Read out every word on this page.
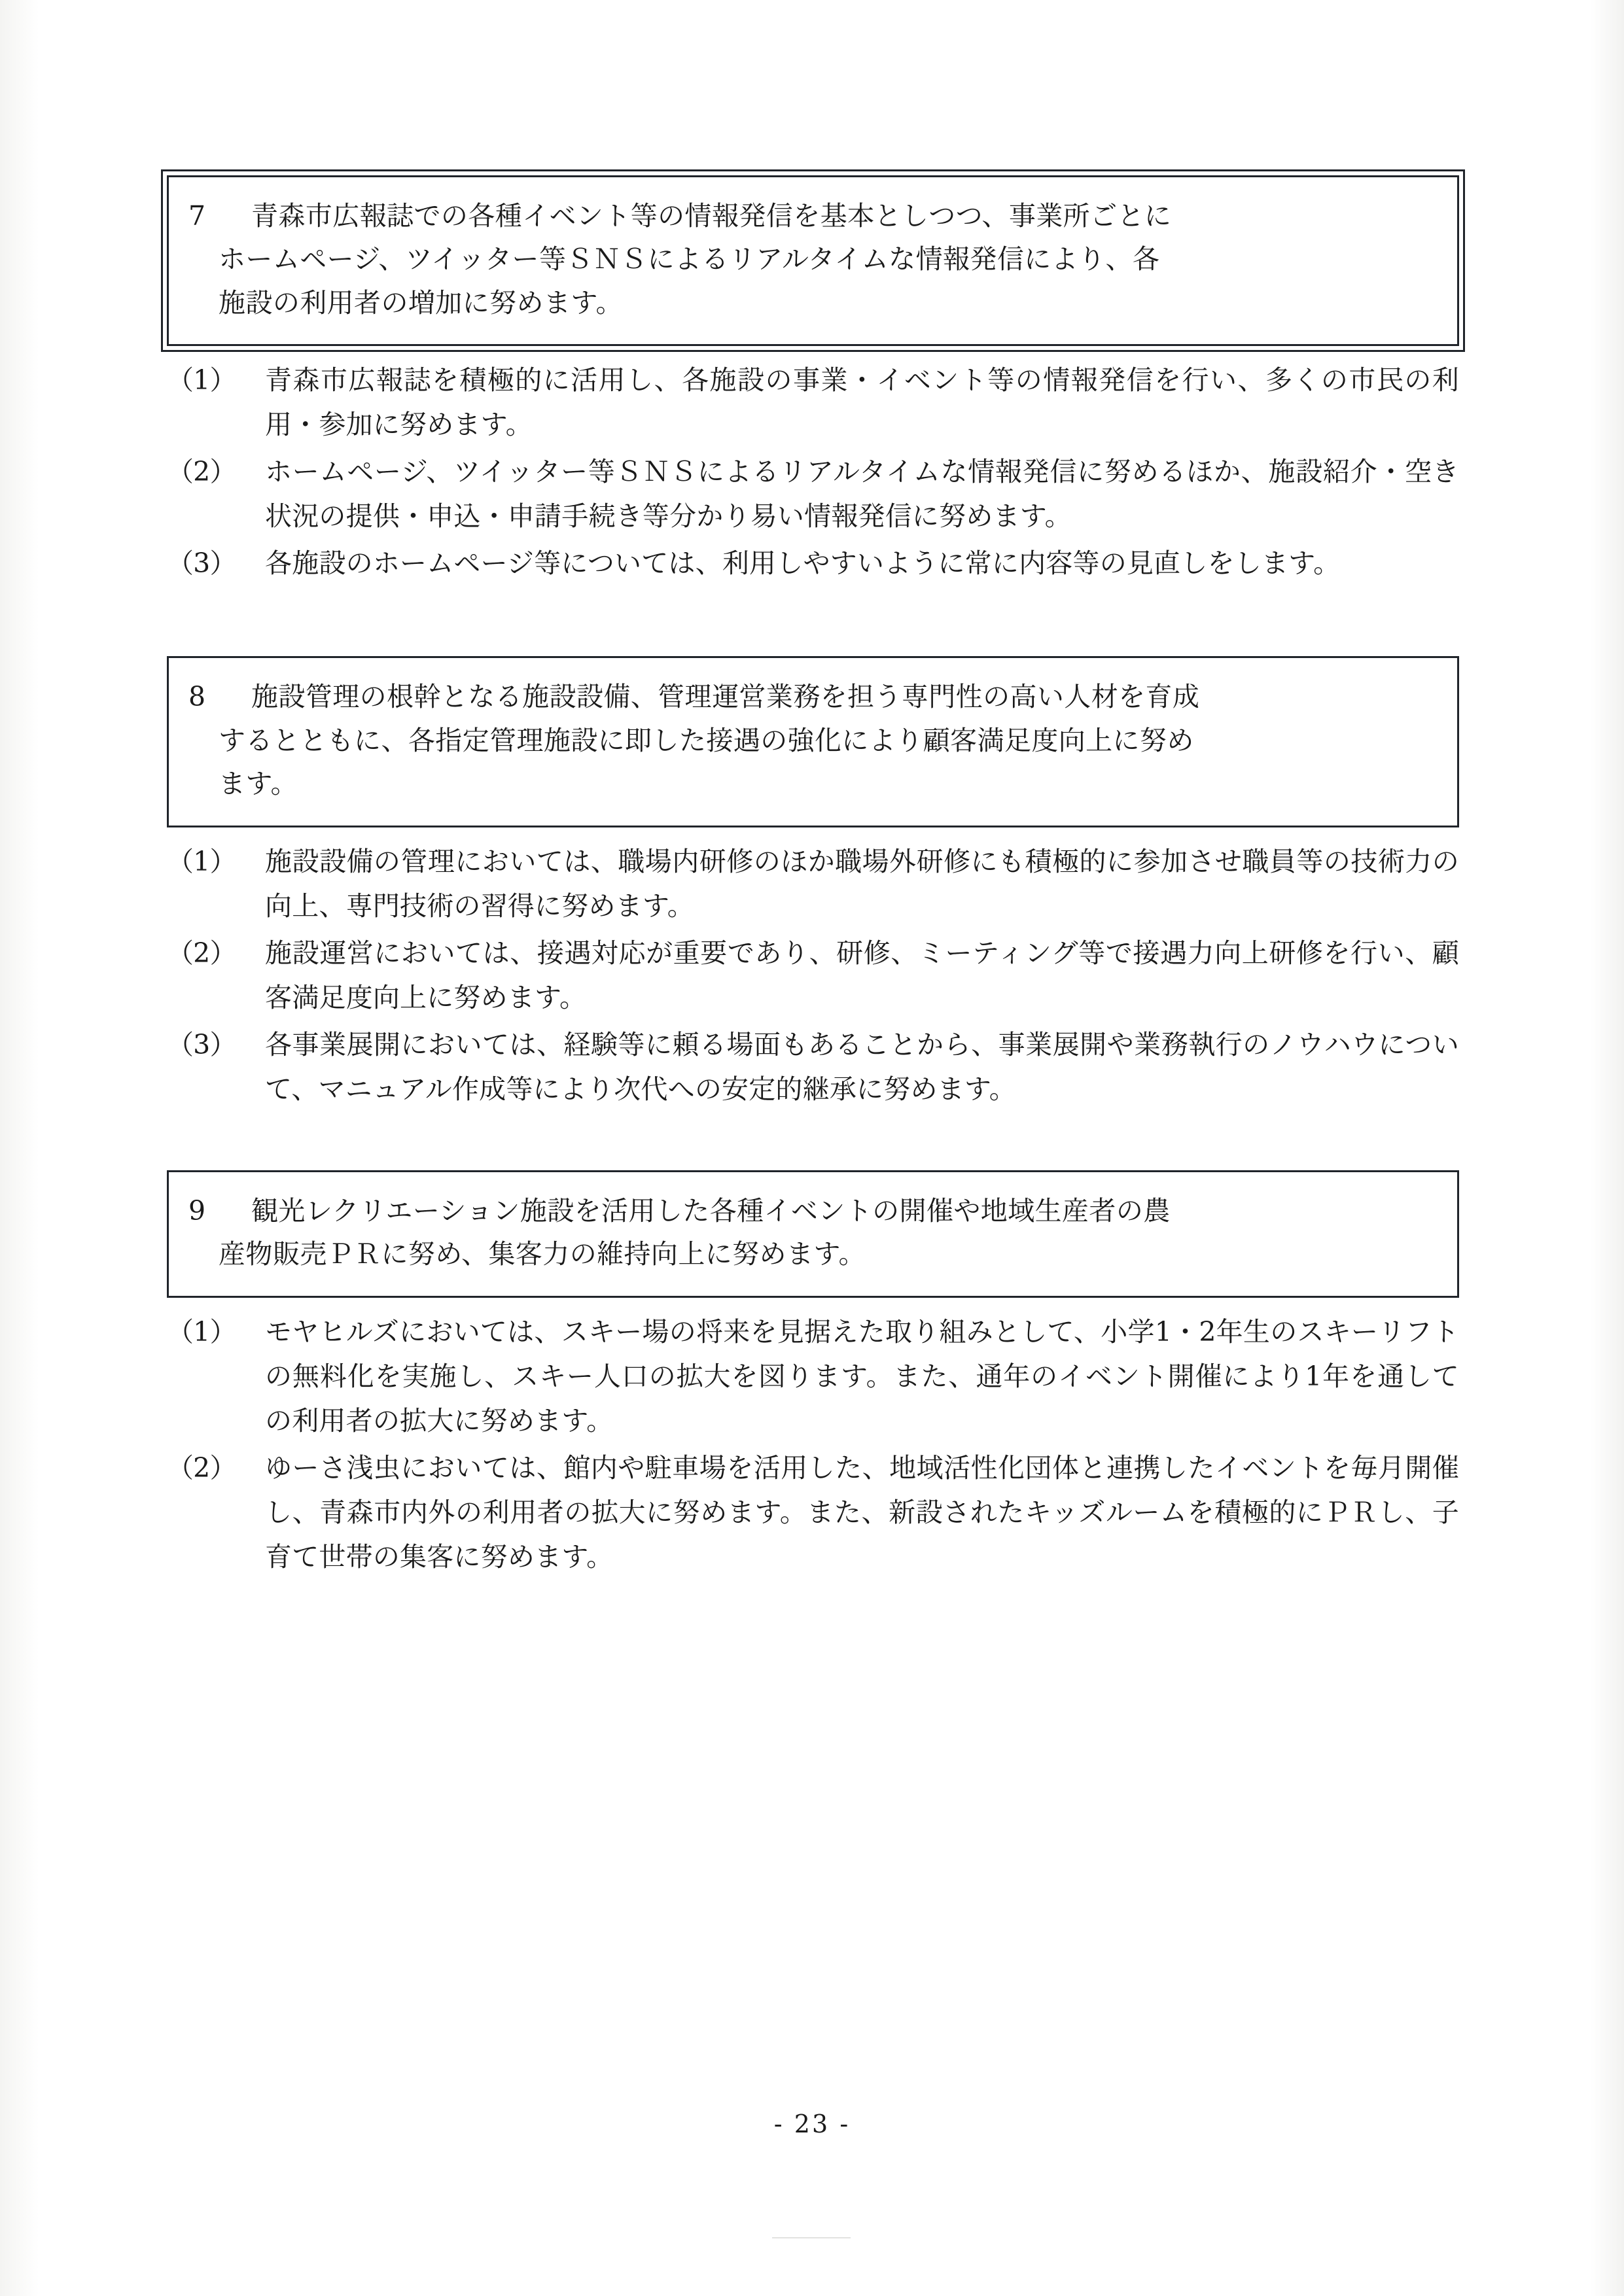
7 青森市広報誌での各種イベント等の情報発信を基本としつつ、事業所ごとに

ホームページ、ツイッター等ＳＮＳによるリアルタイムな情報発信により、各

施設の利用者の増加に努めます。

（1）	青森市広報誌を積極的に活用し、各施設の事業・イベント等の情報発信を行い、多くの市民の利用・参加に努めます。
（2）	ホームページ、ツイッター等ＳＮＳによるリアルタイムな情報発信に努めるほか、施設紹介・空き状況の提供・申込・申請手続き等分かり易い情報発信に努めます。
（3）	各施設のホームページ等については、利用しやすいように常に内容等の見直しをします。

8 施設管理の根幹となる施設設備、管理運営業務を担う専門性の高い人材を育成

するとともに、各指定管理施設に即した接遇の強化により顧客満足度向上に努め

ます。

（1）	施設設備の管理においては、職場内研修のほか職場外研修にも積極的に参加させ職員等の技術力の向上、専門技術の習得に努めます。
（2）	施設運営においては、接遇対応が重要であり、研修、ミーティング等で接遇力向上研修を行い、顧客満足度向上に努めます。
（3）	各事業展開においては、経験等に頼る場面もあることから、事業展開や業務執行のノウハウについて、マニュアル作成等により次代への安定的継承に努めます。

9 観光レクリエーション施設を活用した各種イベントの開催や地域生産者の農

産物販売ＰＲに努め、集客力の維持向上に努めます。

（1）	モヤヒルズにおいては、スキー場の将来を見据えた取り組みとして、小学1・2年生のスキーリフトの無料化を実施し、スキー人口の拡大を図ります。また、通年のイベント開催により1年を通しての利用者の拡大に努めます。
（2）	ゆーさ浅虫においては、館内や駐車場を活用した、地域活性化団体と連携したイベントを毎月開催し、青森市内外の利用者の拡大に努めます。また、新設されたキッズルームを積極的にＰＲし、子育て世帯の集客に努めます。
- 23 -
